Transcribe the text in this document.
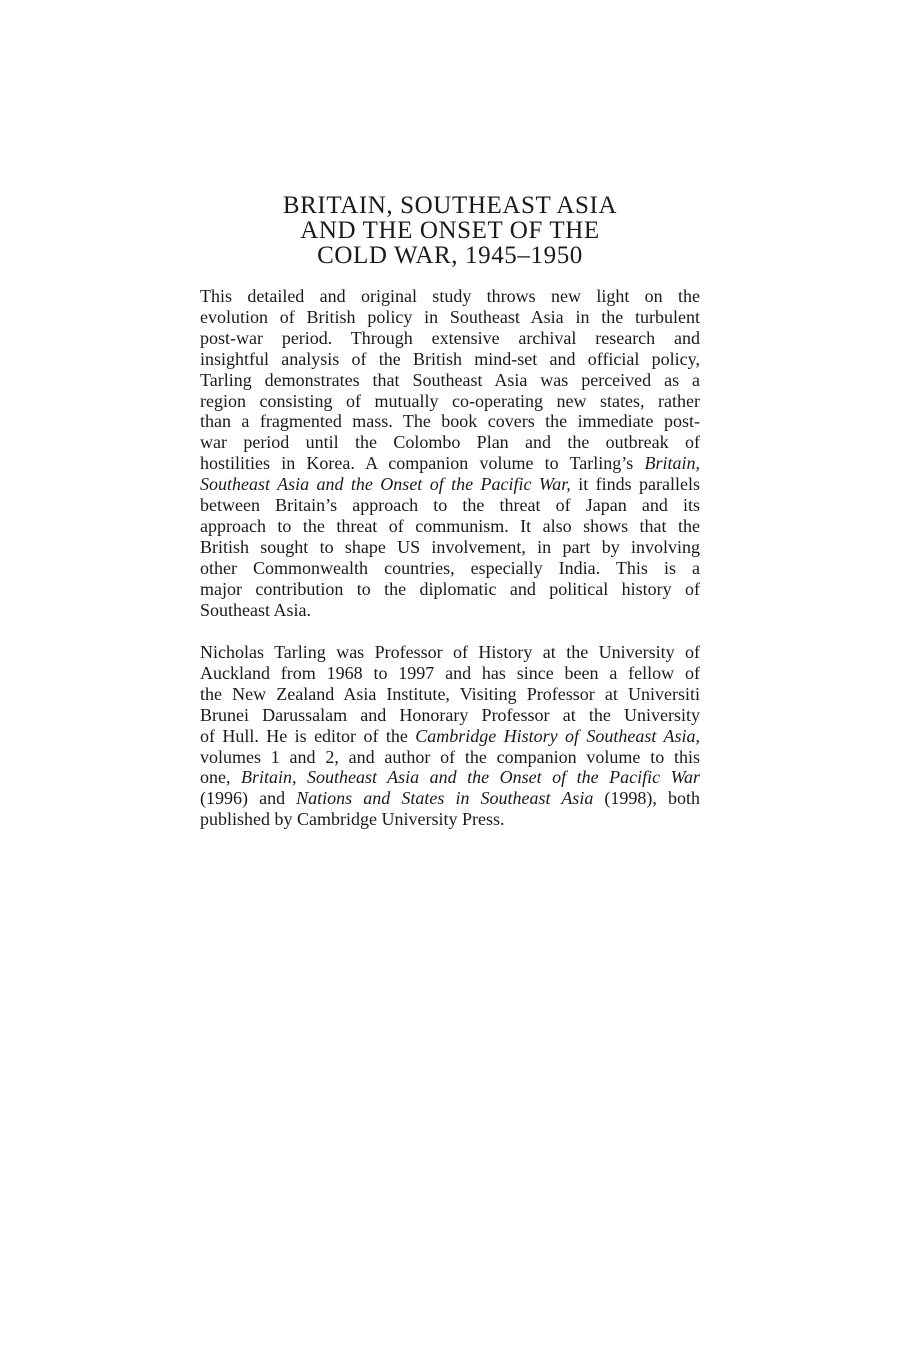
BRITAIN, SOUTHEAST ASIA
AND THE ONSET OF THE
COLD WAR, 1945–1950
This detailed and original study throws new light on the
evolution of British policy in Southeast Asia in the turbulent
post-war period. Through extensive archival research and
insightful analysis of the British mind-set and official policy,
Tarling demonstrates that Southeast Asia was perceived as a
region consisting of mutually co-operating new states, rather
than a fragmented mass. The book covers the immediate post-
war period until the Colombo Plan and the outbreak of
hostilities in Korea. A companion volume to Tarling’s Britain,
Southeast Asia and the Onset of the Pacific War, it finds parallels
between Britain’s approach to the threat of Japan and its
approach to the threat of communism. It also shows that the
British sought to shape US involvement, in part by involving
other Commonwealth countries, especially India. This is a
major contribution to the diplomatic and political history of
Southeast Asia.
Nicholas Tarling was Professor of History at the University of
Auckland from 1968 to 1997 and has since been a fellow of
the New Zealand Asia Institute, Visiting Professor at Universiti
Brunei Darussalam and Honorary Professor at the University
of Hull. He is editor of the Cambridge History of Southeast Asia,
volumes 1 and 2, and author of the companion volume to this
one, Britain, Southeast Asia and the Onset of the Pacific War
(1996) and Nations and States in Southeast Asia (1998), both
published by Cambridge University Press.
